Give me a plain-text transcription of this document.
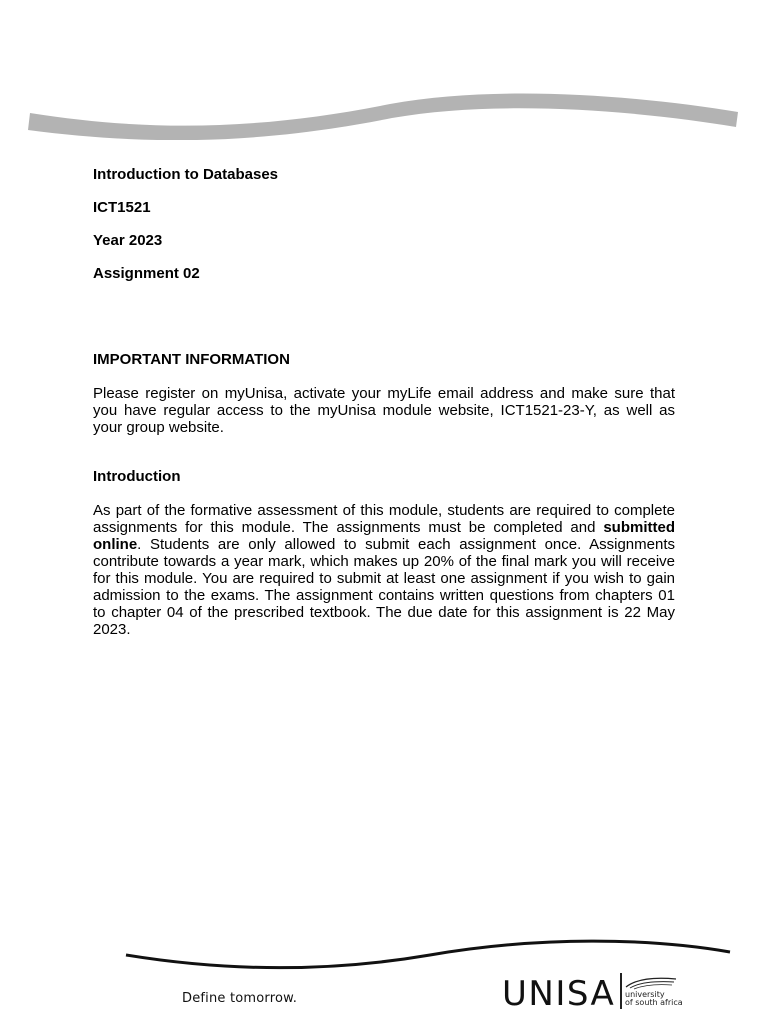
Introduction to Databases

ICT1521

Year 2023

Assignment 02

IMPORTANT INFORMATION

Please register on myUnisa, activate your myLife email address and make sure that you have regular access to the myUnisa module website, ICT1521-23-Y, as well as your group website.

Introduction

As part of the formative assessment of this module, students are required to complete assignments for this module. The assignments must be completed and submitted online. Students are only allowed to submit each assignment once. Assignments contribute towards a year mark, which makes up 20% of the final mark you will receive for this module. You are required to submit at least one assignment if you wish to gain admission to the exams. The assignment contains written questions from chapters 01 to chapter 04 of the prescribed textbook. The due date for this assignment is 22 May 2023.

Define tomorrow.	UNISA university
of south africa
